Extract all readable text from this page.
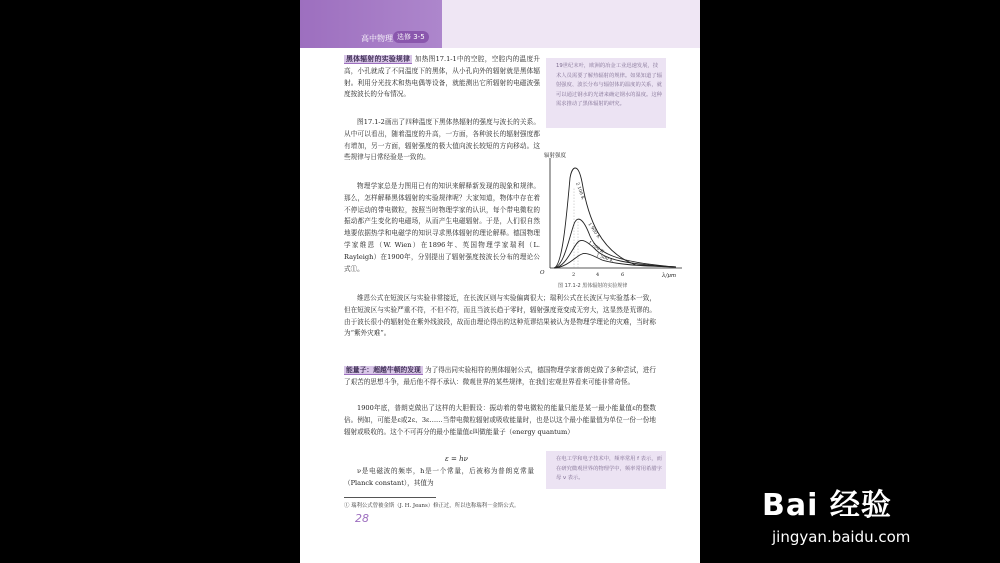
高中物理 选修 3-5
黑体辐射的实验规律 加热图17.1-1中的空腔，空腔内的温度升高，小孔就成了不同温度下的黑体，从小孔向外的辐射就是黑体辐射。利用分光技术和热电偶等设备，就能测出它所辐射的电磁波强度按波长的分布情况。
图17.1-2画出了四种温度下黑体热辐射的强度与波长的关系。从中可以看出，随着温度的升高，一方面，各种波长的辐射强度都有增加，另一方面，辐射强度的极大值向波长较短的方向移动。这些规律与日常经验是一致的。
物理学家总是力图用已有的知识来解释新发现的现象和规律。那么，怎样解释黑体辐射的实验规律呢？大家知道，物体中存在着不停运动的带电微粒，按照当时物理学家的认识，每个带电微粒的振动都产生变化的电磁场，从而产生电磁辐射。于是，人们很自然地要依据热学和电磁学的知识寻求黑体辐射的理论解释。德国物理学家维恩（W. Wien）在1896年、英国物理学家瑞利（L. Rayleigh）在1900年，分别提出了辐射强度按波长分布的理论公式①。
维恩公式在短波区与实验非常接近，在长波区则与实验偏离很大；瑞利公式在长波区与实验基本一致，但在短波区与实验严重不符，不但不符，而且当波长趋于零时，辐射强度竟变成无穷大，这显然是荒谬的。由于波长很小的辐射处在紫外线波段，故而由理论得出的这种荒谬结果被认为是物理学理论的灾难，当时称为“紫外灾难”。
19世纪末叶，欧洲的冶金工业迅速发展，技术人员需要了解热辐射的规律。如果知道了辐射强度、波长分布与辐射体的温度的关系，就可以通过钢水的光谱来确定钢水的温度。这种需求推动了黑体辐射的研究。
辐射强度
λ/μm
O
2 100 K
1 900 K
1 700 K
1 500 K
2	4	6
图 17.1-2 黑体辐射的实验规律
能量子：超越牛顿的发现 为了得出同实验相符的黑体辐射公式，德国物理学家普朗克做了多种尝试，进行了艰苦的思想斗争，最后他不得不承认：微观世界的某些规律，在我们宏观世界看来可能非常奇怪。
1900年底，普朗克做出了这样的大胆假设：振动着的带电微粒的能量只能是某一最小能量值ε的整数倍。例如，可能是ε或2ε、3ε……当带电微粒辐射或吸收能量时，也是以这个最小能量值为单位一份一份地辐射或吸收的。这个不可再分的最小能量值ε叫做能量子（energy quantum）
ε = hν
ν是电磁波的频率，h是一个常量，后被称为普朗克常量（Planck constant），其值为
在电工学和电子技术中，频率常用 f 表示，而在研究微观世界的物理学中，频率常用希腊字母 ν 表示。
① 瑞利公式曾被金斯（J. H. Jeans）修正过，所以也称瑞利－金斯公式。
28	Bai 经验
jingyan.baidu.com
